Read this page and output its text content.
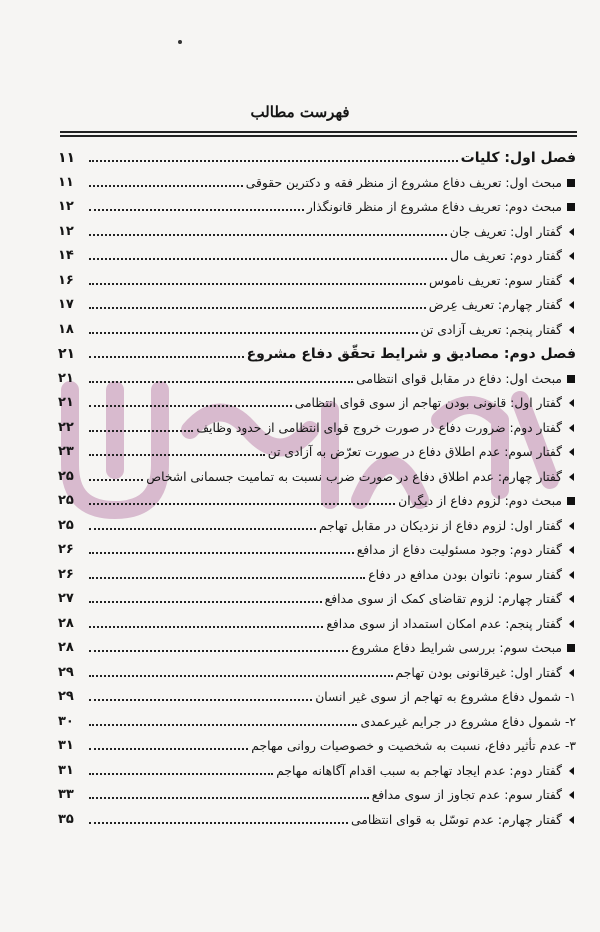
فهرست مطالب
فصل اول: کلیات
۱۱
مبحث اول: تعریف دفاع مشروع از منظر فقه و دکترین حقوقی
۱۱
مبحث دوم: تعریف دفاع مشروع از منظر قانونگذار
۱۲
گفتار اول: تعریف جان
۱۲
گفتار دوم: تعریف مال
۱۴
گفتار سوم: تعریف ناموس
۱۶
گفتار چهارم: تعریف عِرض
۱۷
گفتار پنجم: تعریف آزادی تن
۱۸
فصل دوم: مصادیق و شرایط تحقّق دفاع مشروع
۲۱
مبحث اول: دفاع در مقابل قوای انتظامی
۲۱
گفتار اول: قانونی بودن تهاجم از سوی قوای انتظامی
۲۱
گفتار دوم: ضرورت دفاع در صورت خروج قوای انتظامی از حدود وظایف
۲۲
گفتار سوم: عدم اطلاق دفاع در صورت تعرّض به آزادی تن
۲۳
گفتار چهارم: عدم اطلاق دفاع در صورت ضرب نسبت به تمامیت جسمانی اشخاص
۲۵
مبحث دوم: لزوم دفاع از دیگران
۲۵
گفتار اول: لزوم دفاع از نزدیکان در مقابل تهاجم
۲۵
گفتار دوم: وجود مسئولیت دفاع از مدافع
۲۶
گفتار سوم: ناتوان بودن مدافع در دفاع
۲۶
گفتار چهارم: لزوم تقاضای کمک از سوی مدافع
۲۷
گفتار پنجم: عدم امکان استمداد از سوی مدافع
۲۸
مبحث سوم: بررسی شرایط دفاع مشروع
۲۸
گفتار اول: غیرقانونی بودن تهاجم
۲۹
۱- شمول دفاع مشروع به تهاجم از سوی غیر انسان
۲۹
۲- شمول دفاع مشروع در جرایم غیرعمدی
۳۰
۳- عدم تأثیر دفاع، نسبت به شخصیت و خصوصیات روانی مهاجم
۳۱
گفتار دوم: عدم ایجاد تهاجم به سبب اقدام آگاهانه مهاجم
۳۱
گفتار سوم: عدم تجاوز از سوی مدافع
۳۳
گفتار چهارم: عدم توسّل به قوای انتظامی
۳۵
